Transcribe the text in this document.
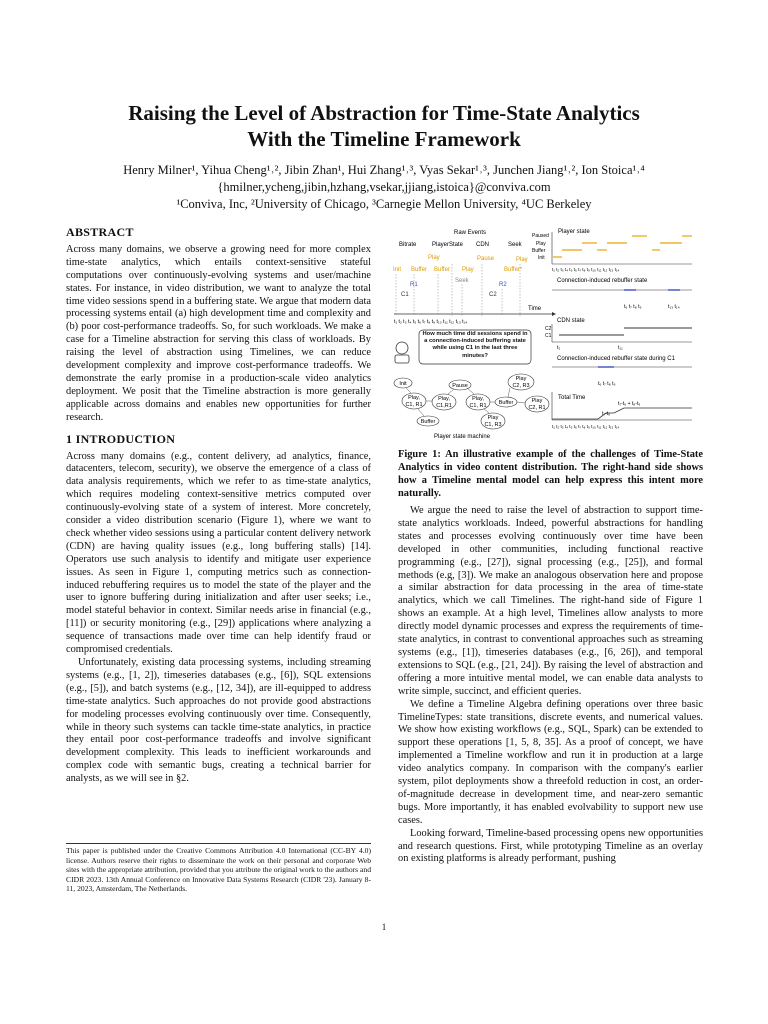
Raising the Level of Abstraction for Time-State Analytics
With the Timeline Framework
Henry Milner¹, Yihua Cheng¹˒², Jibin Zhan¹, Hui Zhang¹˒³, Vyas Sekar¹˒³, Junchen Jiang¹˒², Ion Stoica¹˒⁴
{hmilner,ycheng,jibin,hzhang,vsekar,jjiang,istoica}@conviva.com
¹Conviva, Inc, ²University of Chicago, ³Carnegie Mellon University, ⁴UC Berkeley
ABSTRACT

Across many domains, we observe a growing need for more complex time-state analytics, which entails context-sensitive stateful computations over continuously-evolving systems and user/machine states. For instance, in video distribution, we want to analyze the total time video sessions spend in a buffering state. We argue that modern data processing systems entail (a) high development time and complexity and (b) poor cost-performance tradeoffs. So, for such workloads. We make a case for a Timeline abstraction for serving this class of workloads. By raising the level of abstraction using Timelines, we can reduce development complexity and improve cost-performance tradeoffs. We demonstrate the early promise in a production-scale video analytics deployment. We posit that the Timeline abstraction is more generally applicable across domains and enables new opportunities for further research.

1 INTRODUCTION

Across many domains (e.g., content delivery, ad analytics, finance, datacenters, telecom, security), we observe the emergence of a class of data analysis requirements, which we refer to as time-state analytics, which requires modeling context-sensitive metrics computed over continuously-evolving state of a system of interest. More concretely, consider a video distribution scenario (Figure 1), where we want to check whether video sessions using a particular content delivery network (CDN) are having quality issues (e.g., long buffering stalls) [14]. Operators use such analysis to identify and mitigate user experience issues. As seen in Figure 1, computing metrics such as connection-induced rebuffering requires us to model the state of the player and the user to ignore buffering during initialization and after user seeks; i.e., model stateful behavior in context. Similar needs arise in financial (e.g., [11]) or security monitoring (e.g., [29]) applications where analyzing a sequence of transactions made over time can help identify fraud or compromised credentials.

Unfortunately, existing data processing systems, including streaming systems (e.g., [1, 2]), timeseries databases (e.g., [6]), SQL extensions (e.g., [5]), and batch systems (e.g., [12, 34]), are ill-equipped to address time-state analytics. Such approaches do not provide good abstractions for modeling processes evolving continuously over time. Consequently, while in theory such systems can tackle time-state analytics, in practice they entail poor cost-performance tradeoffs and involve significant development complexity. This leads to inefficient workarounds and complex code with semantic bugs, creating a technical barrier for analysts, as we will see in §2.

This paper is published under the Creative Commons Attribution 4.0 International (CC-BY 4.0) license. Authors reserve their rights to disseminate the work on their personal and corporate Web sites with the appropriate attribution, provided that you attribute the original work to the authors and CIDR 2023. 13th Annual Conference on Innovative Data Systems Research (CIDR '23). January 8-11, 2023, Amsterdam, The Netherlands.
Raw Events
Bitrate	PlayerState CDN	Seek
Play	Pause	Play
Init Buffer Buffer Play	Buffer*
Seek
R1	R2
C1	C2
Time
t₁ t₂ t₃ t₄ t₅ t₆ t₇ t₈ t₉ t₁₀ t₁₁ t₁₂ t₁₃ t₁₄
How much time did sessions spend in a connection-induced buffering state while using C1 in the last three minutes?
Init	Pause
Play
C2, R3
Play,
C1, R1
Play,
C1,R1
Play,
C1, R1 Buffer	Play
C2, R1
Buffer
Play
C1, R3
Player state machine
Player state
Paused
Play
Buffer
Init
t₁ t₂ t₃ t₄ t₅ t₆ t₇ t₈ t₉ t₁₀ t₁₁ t₁₂ t₁₃ t₁₄
Connection-induced rebuffer state
t₆ t₇ t₈ t₉	t₁₃ t₁₄
CDN state
C2
C1
t₂	t₁₁
Connection-induced rebuffer state during C1
t₆ t₇ t₈ t₉
Total Time
t₇-t₆ + t₈-t₉
t₇-t₆
t₁ t₂ t₃ t₄ t₅ t₆ t₇ t₈ t₉ t₁₀ t₁₁ t₁₂ t₁₃ t₁₄
Figure 1: An illustrative example of the challenges of Time-State Analytics in video content distribution. The right-hand side shows how a Timeline mental model can help express this intent more naturally.

We argue the need to raise the level of abstraction to support time-state analytics workloads. Indeed, powerful abstractions for handling states and processes evolving continuously over time have been developed in other communities, including functional reactive programming (e.g., [27]), signal processing (e.g., [25]), and formal methods (e.g, [3]). We make an analogous observation here and propose a similar abstraction for data processing in the area of time-state analytics, which we call Timelines. The right-hand side of Figure 1 shows an example. At a high level, Timelines allow analysts to more directly model dynamic processes and express the requirements of time-state analytics, in contrast to conventional approaches such as streaming systems (e.g., [1]), timeseries databases (e.g., [6, 26]), and temporal extensions to SQL (e.g., [21, 24]). By raising the level of abstraction and offering a more intuitive mental model, we can enable data analysts to write simple, succinct, and efficient queries.

We define a Timeline Algebra defining operations over three basic TimelineTypes: state transitions, discrete events, and numerical values. We show how existing workflows (e.g., SQL, Spark) can be extended to support these operations [1, 5, 8, 35]. As a proof of concept, we have implemented a Timeline workflow and run it in production at a large video analytics company. In comparison with the company's earlier system, pilot deployments show a threefold reduction in cost, an order-of-magnitude decrease in development time, and near-zero semantic bugs. More importantly, it has enabled evolvability to support new use cases.

Looking forward, Timeline-based processing opens new opportunities and research questions. First, while prototyping Timeline as an overlay on existing platforms is already performant, pushing

1
